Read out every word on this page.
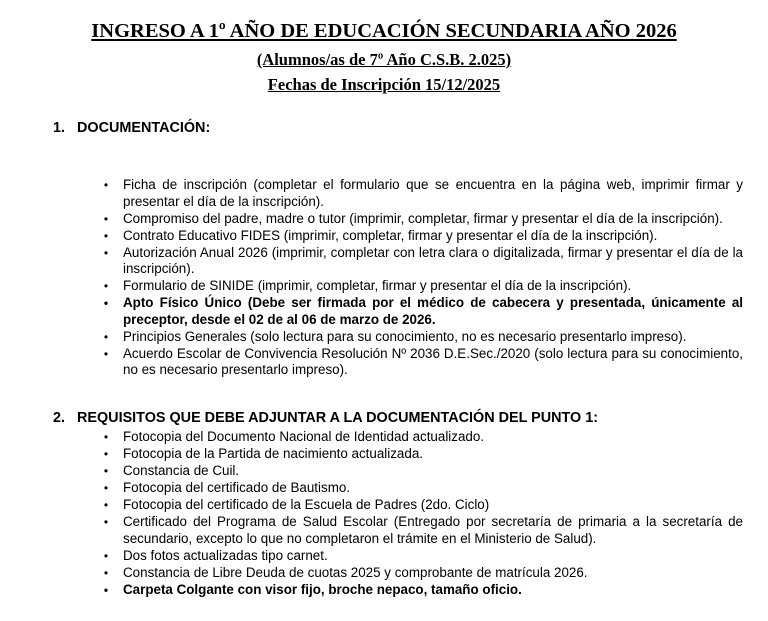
INGRESO A 1º AÑO DE EDUCACIÓN SECUNDARIA AÑO 2026
(Alumnos/as de 7º Año C.S.B. 2.025)
Fechas de Inscripción 15/12/2025
1. DOCUMENTACIÓN:
• Ficha de inscripción (completar el formulario que se encuentra en la página web, imprimir firmar y presentar el día de la inscripción).
• Compromiso del padre, madre o tutor (imprimir, completar, firmar y presentar el día de la inscripción).
• Contrato Educativo FIDES (imprimir, completar, firmar y presentar el día de la inscripción).
• Autorización Anual 2026 (imprimir, completar con letra clara o digitalizada, firmar y presentar el día de la inscripción).
• Formulario de SINIDE (imprimir, completar, firmar y presentar el día de la inscripción).
• Apto Físico Único (Debe ser firmada por el médico de cabecera y presentada, únicamente al preceptor, desde el 02 de al 06 de marzo de 2026.
• Principios Generales (solo lectura para su conocimiento, no es necesario presentarlo impreso).
• Acuerdo Escolar de Convivencia Resolución Nº 2036 D.E.Sec./2020 (solo lectura para su conocimiento, no es necesario presentarlo impreso).
2. REQUISITOS QUE DEBE ADJUNTAR A LA DOCUMENTACIÓN DEL PUNTO 1:
• Fotocopia del Documento Nacional de Identidad actualizado.
• Fotocopia de la Partida de nacimiento actualizada.
• Constancia de Cuil.
• Fotocopia del certificado de Bautismo.
• Fotocopia del certificado de la Escuela de Padres (2do. Ciclo)
• Certificado del Programa de Salud Escolar (Entregado por secretaría de primaria a la secretaría de secundario, excepto lo que no completaron el trámite en el Ministerio de Salud).
• Dos fotos actualizadas tipo carnet.
• Constancia de Libre Deuda de cuotas 2025 y comprobante de matrícula 2026.
• Carpeta Colgante con visor fijo, broche nepaco, tamaño oficio.
